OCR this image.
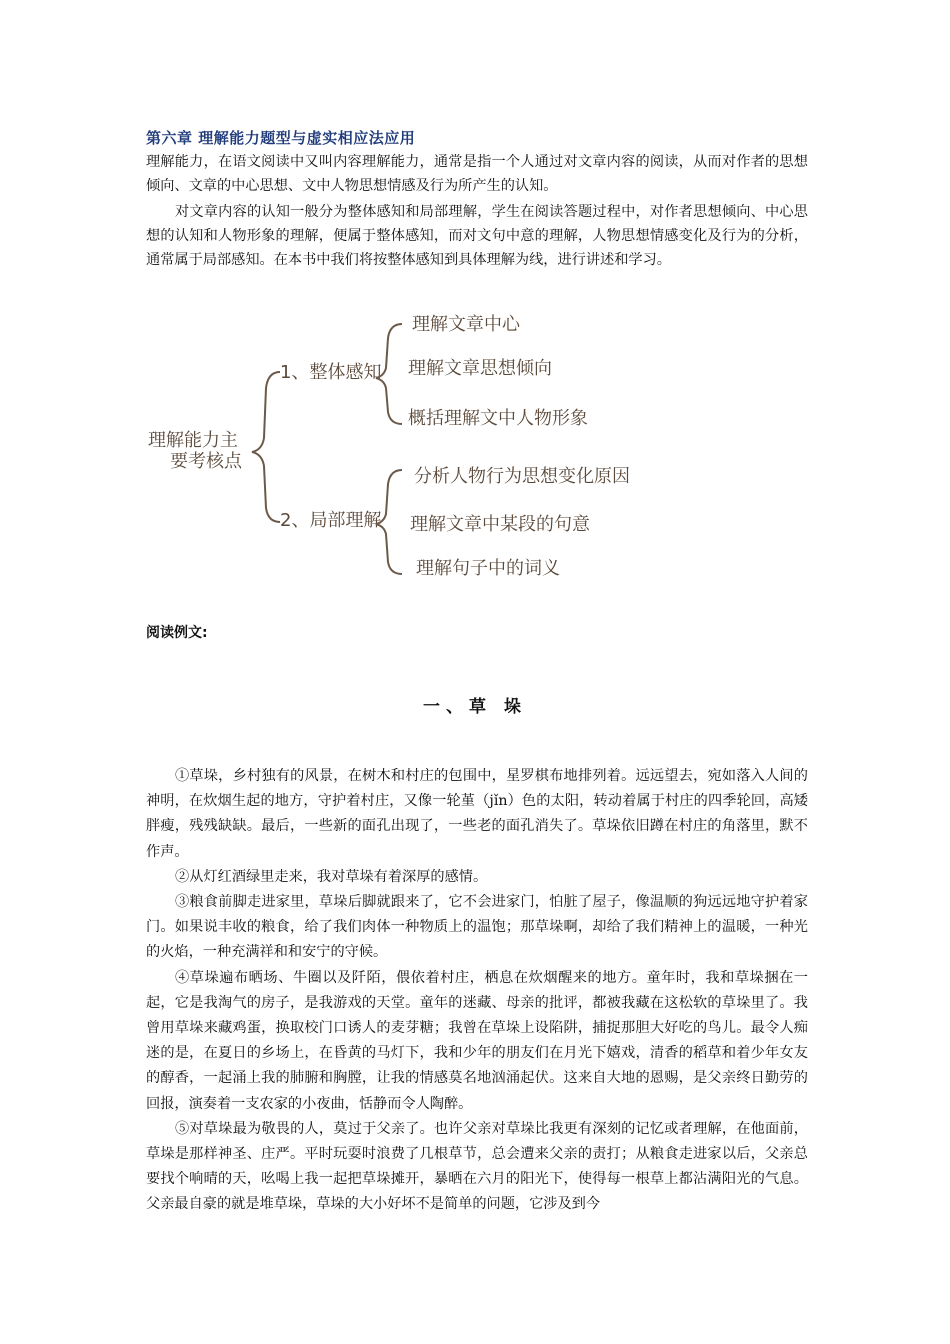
第六章 理解能力题型与虚实相应法应用

理解能力，在语文阅读中又叫内容理解能力，通常是指一个人通过对文章内容的阅读，从而对作者的思想倾向、文章的中心思想、文中人物思想情感及行为所产生的认知。

对文章内容的认知一般分为整体感知和局部理解，学生在阅读答题过程中，对作者思想倾向、中心思想的认知和人物形象的理解，便属于整体感知，而对文句中意的理解，人物思想情感变化及行为的分析，通常属于局部感知。在本书中我们将按整体感知到具体理解为线，进行讲述和学习。

理解能力主
要考核点
1、整体感知
理解文章中心
理解文章思想倾向
概括理解文中人物形象
2、局部理解
分析人物行为思想变化原因
理解文章中某段的句意
理解句子中的词义
阅读例文:
一、草 垛

①草垛，乡村独有的风景，在树木和村庄的包围中，星罗棋布地排列着。远远望去，宛如落入人间的神明，在炊烟生起的地方，守护着村庄，又像一轮堇（jǐn）色的太阳，转动着属于村庄的四季轮回，高矮胖瘦，残残缺缺。最后，一些新的面孔出现了，一些老的面孔消失了。草垛依旧蹲在村庄的角落里，默不作声。

②从灯红酒绿里走来，我对草垛有着深厚的感情。

③粮食前脚走进家里，草垛后脚就跟来了，它不会进家门，怕脏了屋子，像温顺的狗远远地守护着家门。如果说丰收的粮食，给了我们肉体一种物质上的温饱；那草垛啊，却给了我们精神上的温暖，一种光的火焰，一种充满祥和和安宁的守候。

④草垛遍布晒场、牛圈以及阡陌，偎依着村庄，栖息在炊烟醒来的地方。童年时，我和草垛捆在一起，它是我淘气的房子，是我游戏的天堂。童年的迷藏、母亲的批评，都被我藏在这松软的草垛里了。我曾用草垛来藏鸡蛋，换取校门口诱人的麦芽糖；我曾在草垛上设陷阱，捕捉那胆大好吃的鸟儿。最令人痴迷的是，在夏日的乡场上，在昏黄的马灯下，我和少年的朋友们在月光下嬉戏，清香的稻草和着少年女友的醇香，一起涌上我的肺腑和胸膛，让我的情感莫名地汹涌起伏。这来自大地的恩赐，是父亲终日勤劳的回报，演奏着一支农家的小夜曲，恬静而令人陶醉。

⑤对草垛最为敬畏的人，莫过于父亲了。也许父亲对草垛比我更有深刻的记忆或者理解，在他面前，草垛是那样神圣、庄严。平时玩耍时浪费了几根草节，总会遭来父亲的责打；从粮食走进家以后，父亲总要找个响晴的天，吆喝上我一起把草垛摊开，暴晒在六月的阳光下，使得每一根草上都沾满阳光的气息。父亲最自豪的就是堆草垛，草垛的大小好坏不是简单的问题，它涉及到今
